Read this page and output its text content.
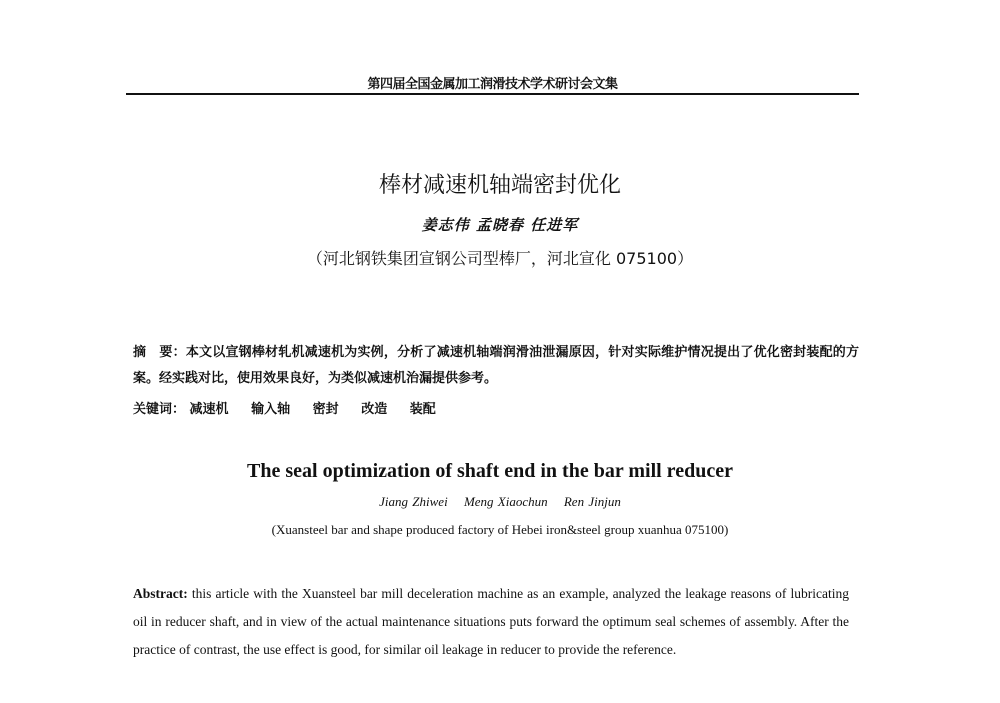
第四届全国金属加工润滑技术学术研讨会文集
棒材减速机轴端密封优化
姜志伟 孟晓春 任进军
（河北钢铁集团宣钢公司型棒厂，河北宣化 075100）
摘　要：本文以宣钢棒材轧机减速机为实例，分析了减速机轴端润滑油泄漏原因，针对实际维护情况提出了优化密封装配的方案。经实践对比，使用效果良好，为类似减速机治漏提供参考。
关键词： 减速机 输入轴 密封 改造 装配
The seal optimization of shaft end in the bar mill reducer
Jiang Zhiwei Meng Xiaochun Ren Jinjun
(Xuansteel bar and shape produced factory of Hebei iron&steel group xuanhua 075100)
Abstract: this article with the Xuansteel bar mill deceleration machine as an example, analyzed the leakage reasons of lubricating oil in reducer shaft, and in view of the actual maintenance situations puts forward the optimum seal schemes of assembly. After the practice of contrast, the use effect is good, for similar oil leakage in reducer to provide the reference.
